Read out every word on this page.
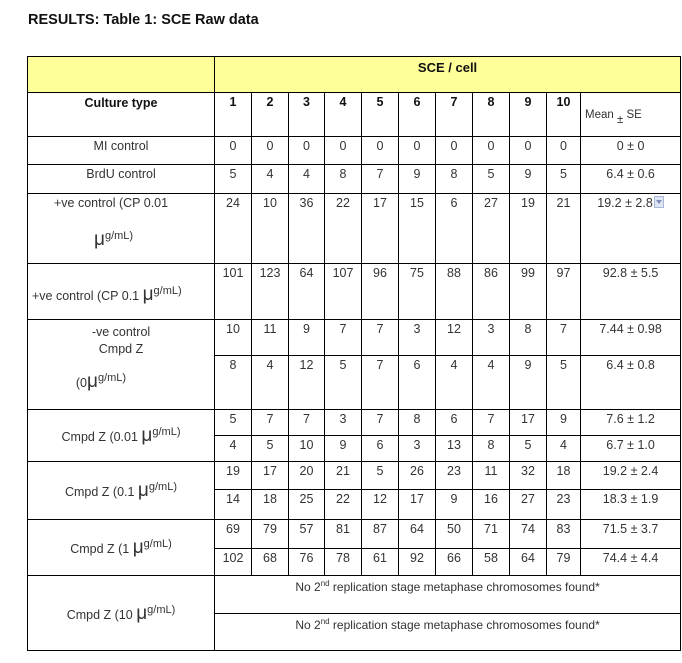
RESULTS: Table 1: SCE Raw data
	SCE / cell										
Culture type	1	2	3	4	5	6	7	8	9	10	Mean ± SE
MI control	0	0	0	0	0	0	0	0	0	0	0 ± 0
BrdU control	5	4	4	8	7	9	8	5	9	5	6.4 ± 0.6

+ve control (CP 0.01
μg/mL)	24	10	36	22	17	15	6	27	19	21	19.2 ± 2.8
+ve control (CP 0.1 μg/mL)	101	123	64	107	96	75	88	86	99	97	92.8 ± 5.5

-ve control
Cmpd Z
(0μg/mL)	10	11	9	7	7	3	12	3	8	7	7.44 ± 0.98
	8	4	12	5	7	6	4	4	9	5	6.4 ± 0.8
Cmpd Z (0.01 μg/mL)	5	7	7	3	7	8	6	7	17	9	7.6 ± 1.2
	4	5	10	9	6	3	13	8	5	4	6.7 ± 1.0
Cmpd Z (0.1 μg/mL)	19	17	20	21	5	26	23	11	32	18	19.2 ± 2.4
	14	18	25	22	12	17	9	16	27	23	18.3 ± 1.9
Cmpd Z (1 μg/mL)	69	79	57	81	87	64	50	71	74	83	71.5 ± 3.7
	102	68	76	78	61	92	66	58	64	79	74.4 ± 4.4
Cmpd Z (10 μg/mL)	No 2nd replication stage metaphase chromosomes found*										
	No 2nd replication stage metaphase chromosomes found*										
